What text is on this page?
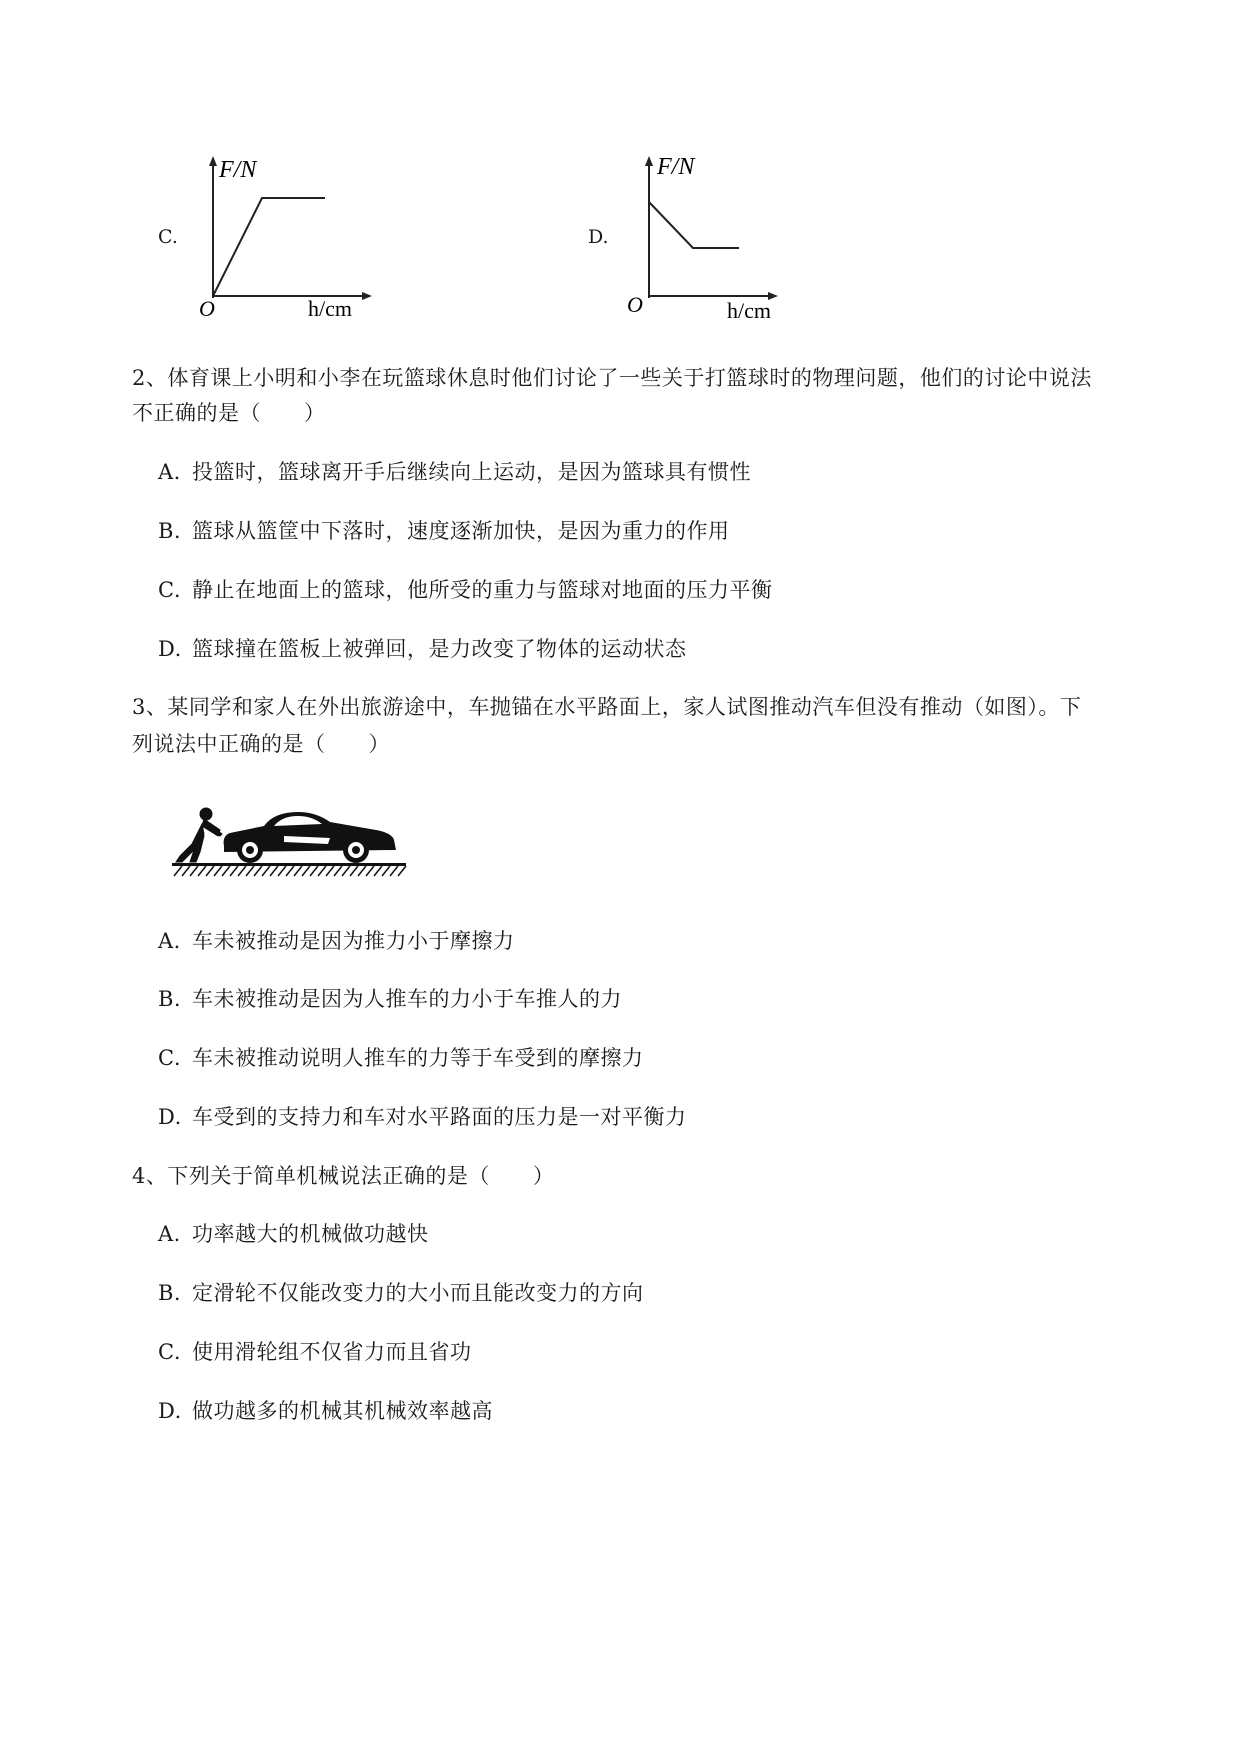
C.
F/N
O	h/cm
D.
F/N
O	h/cm
2、体育课上小明和小李在玩篮球休息时他们讨论了一些关于打篮球时的物理问题，他们的讨论中说法
不正确的是（　　）
A. 投篮时，篮球离开手后继续向上运动，是因为篮球具有惯性
B. 篮球从篮筐中下落时，速度逐渐加快，是因为重力的作用
C. 静止在地面上的篮球，他所受的重力与篮球对地面的压力平衡
D. 篮球撞在篮板上被弹回，是力改变了物体的运动状态
3、某同学和家人在外出旅游途中，车抛锚在水平路面上，家人试图推动汽车但没有推动（如图）。下
列说法中正确的是（　　）
A. 车未被推动是因为推力小于摩擦力
B. 车未被推动是因为人推车的力小于车推人的力
C. 车未被推动说明人推车的力等于车受到的摩擦力
D. 车受到的支持力和车对水平路面的压力是一对平衡力
4、下列关于简单机械说法正确的是（　　）
A. 功率越大的机械做功越快
B. 定滑轮不仅能改变力的大小而且能改变力的方向
C. 使用滑轮组不仅省力而且省功
D. 做功越多的机械其机械效率越高
